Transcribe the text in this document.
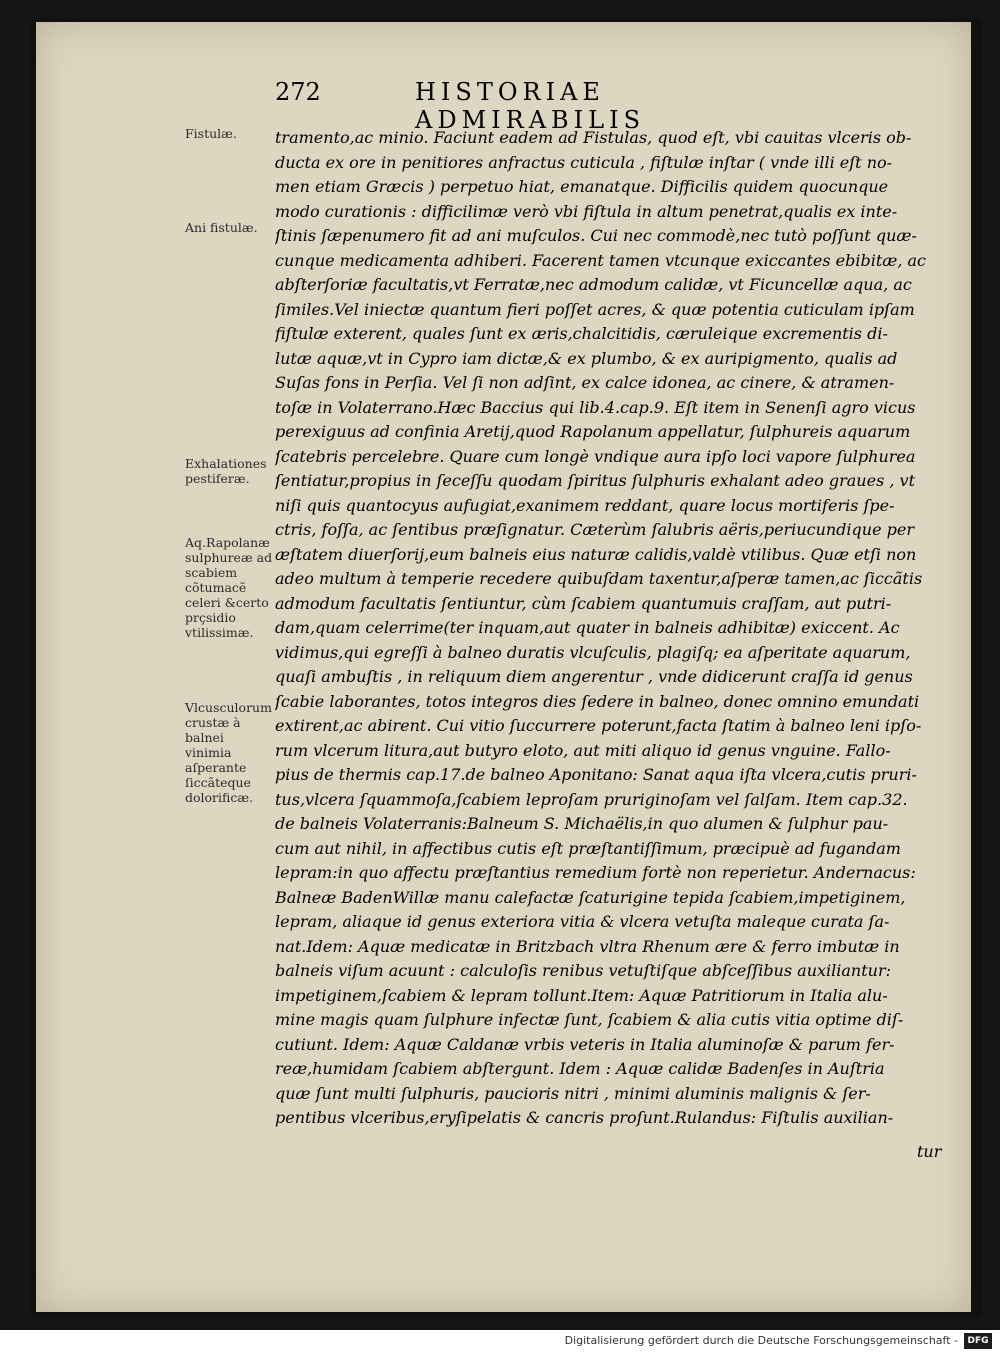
272	HISTORIAE ADMIRABILIS
Fistulæ.
Ani fistulæ.
Exhalationes pestiferæ.
Aq.Rapolanæ sulphureæ ad scabiem cõtumacẽ celeri &certo prçsidio vtilissimæ.
Vlcusculorum crustæ à balnei vinimia aſperante ſiccãteque dolorificæ.
tramento,ac minio. Faciunt eadem ad Fistulas, quod eſt, vbi cauitas vlceris ob-
ducta ex ore in penitiores anfractus cuticula , fiſtulæ inſtar ( vnde illi eſt no-
men etiam Græcis ) perpetuo hiat, emanatque. Difficilis quidem quocunque
modo curationis : difficilimæ verò vbi fiſtula in altum penetrat,qualis ex inte-
ſtinis ſæpenumero fit ad ani muſculos. Cui nec commodè,nec tutò poſſunt quæ-
cunque medicamenta adhiberi. Facerent tamen vtcunque exiccantes ebibitæ, ac
abſterſoriæ facultatis,vt Ferratæ,nec admodum calidæ, vt Ficuncellæ aqua, ac
ſimiles.Vel iniectæ quantum fieri poſſet acres, & quæ potentia cuticulam ipſam
fiſtulæ exterent, quales ſunt ex æris,chalcitidis, cæruleique excrementis di-
lutæ aquæ,vt in Cypro iam dictæ,& ex plumbo, & ex auripigmento, qualis ad
Suſas fons in Perſia. Vel ſi non adſint, ex calce idonea, ac cinere, & atramen-
toſæ in Volaterrano.Hæc Baccius qui lib.4.cap.9. Eſt item in Senenſi agro vicus
perexiguus ad confinia Aretij,quod Rapolanum appellatur, ſulphureis aquarum
ſcatebris percelebre. Quare cum longè vndique aura ipſo loci vapore ſulphurea
ſentiatur,propius in ſeceſſu quodam ſpiritus ſulphuris exhalant adeo graues , vt
niſi quis quantocyus aufugiat,exanimem reddant, quare locus mortiferis ſpe-
ctris, foſſa, ac ſentibus præſignatur. Cæterùm ſalubris aëris,periucundique per
æſtatem diuerſorij,eum balneis eius naturæ calidis,valdè vtilibus. Quæ etſi non
adeo multum à temperie recedere quibuſdam taxentur,aſperæ tamen,ac ſiccãtis
admodum facultatis ſentiuntur, cùm ſcabiem quantumuis craſſam, aut putri-
dam,quam celerrime(ter inquam,aut quater in balneis adhibitæ) exiccent. Ac
vidimus,qui egreſſi à balneo duratis vlcuſculis, plagiſq; ea aſperitate aquarum,
quaſi ambuſtis , in reliquum diem angerentur , vnde didicerunt craſſa id genus
ſcabie laborantes, totos integros dies ſedere in balneo, donec omnino emundati
extirent,ac abirent. Cui vitio ſuccurrere poterunt,facta ſtatim à balneo leni ipſo-
rum vlcerum litura,aut butyro eloto, aut miti aliquo id genus vnguine. Fallo-
pius de thermis cap.17.de balneo Aponitano: Sanat aqua iſta vlcera,cutis pruri-
tus,vlcera ſquammoſa,ſcabiem leproſam pruriginoſam vel ſalſam. Item cap.32.
de balneis Volaterranis:Balneum S. Michaëlis,in quo alumen & ſulphur pau-
cum aut nihil, in affectibus cutis eſt præſtantiſſimum, præcipuè ad fugandam
lepram:in quo affectu præſtantius remedium fortè non reperietur. Andernacus:
Balneæ BadenWillæ manu calefactæ ſcaturigine tepida ſcabiem,impetiginem,
lepram, aliaque id genus exteriora vitia & vlcera vetuſta maleque curata ſa-
nat.Idem: Aquæ medicatæ in Britzbach vltra Rhenum ære & ferro imbutæ in
balneis viſum acuunt : calculoſis renibus vetuſtiſque abſceſſibus auxiliantur:
impetiginem,ſcabiem & lepram tollunt.Item: Aquæ Patritiorum in Italia alu-
mine magis quam ſulphure infectæ ſunt, ſcabiem & alia cutis vitia optime diſ-
cutiunt. Idem: Aquæ Caldanæ vrbis veteris in Italia aluminoſæ & parum fer-
reæ,humidam ſcabiem abſtergunt. Idem : Aquæ calidæ Badenſes in Auſtria
quæ ſunt multi ſulphuris, paucioris nitri , minimi aluminis malignis & ſer-
pentibus vlceribus,eryſipelatis & cancris proſunt.Rulandus: Fiſtulis auxilian-
tur
Digitalisierung gefördert durch die Deutsche Forschungsgemeinschaft -	DFG
